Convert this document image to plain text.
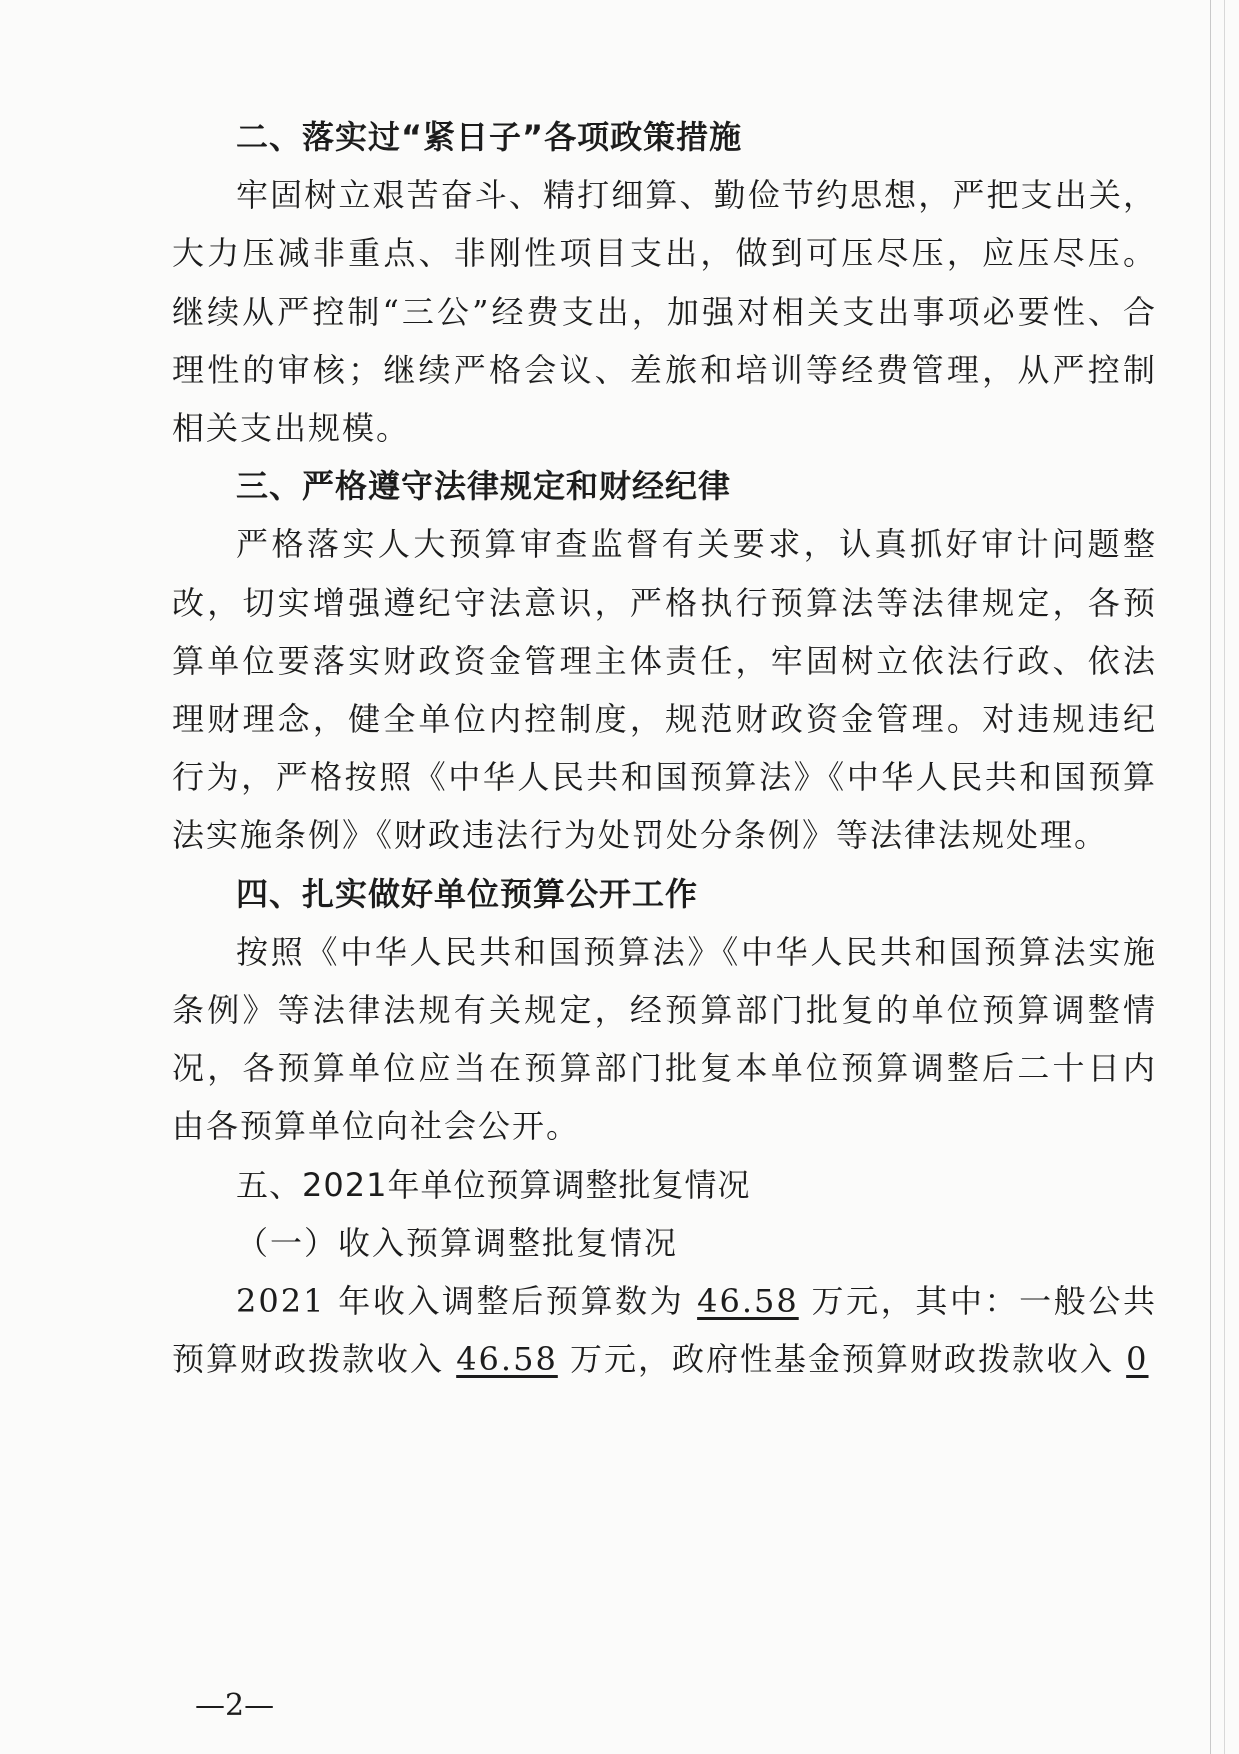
二、落实过“紧日子”各项政策措施

牢固树立艰苦奋斗、精打细算、勤俭节约思想，严把支出关，大力压减非重点、非刚性项目支出，做到可压尽压，应压尽压。继续从严控制“三公”经费支出，加强对相关支出事项必要性、合理性的审核；继续严格会议、差旅和培训等经费管理，从严控制相关支出规模。

三、严格遵守法律规定和财经纪律

严格落实人大预算审查监督有关要求，认真抓好审计问题整改，切实增强遵纪守法意识，严格执行预算法等法律规定，各预算单位要落实财政资金管理主体责任，牢固树立依法行政、依法理财理念，健全单位内控制度，规范财政资金管理。对违规违纪行为，严格按照《中华人民共和国预算法》《中华人民共和国预算法实施条例》《财政违法行为处罚处分条例》等法律法规处理。

四、扎实做好单位预算公开工作

按照《中华人民共和国预算法》《中华人民共和国预算法实施条例》等法律法规有关规定，经预算部门批复的单位预算调整情况，各预算单位应当在预算部门批复本单位预算调整后二十日内由各预算单位向社会公开。

五、2021年单位预算调整批复情况

（一）收入预算调整批复情况

2021 年收入调整后预算数为 46.58 万元，其中：一般公共预算财政拨款收入 46.58 万元，政府性基金预算财政拨款收入 0

—2—
